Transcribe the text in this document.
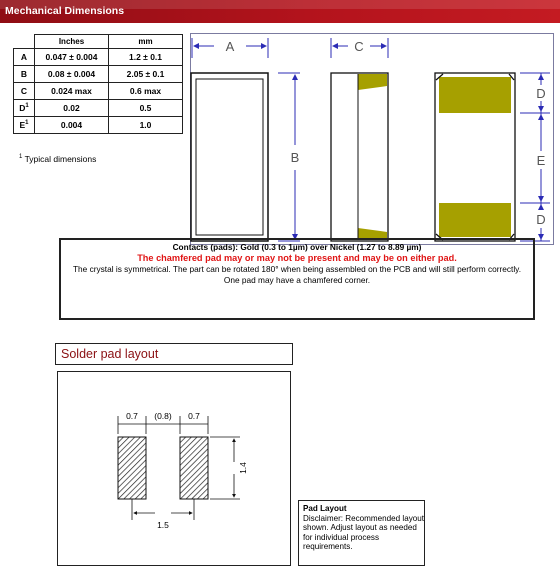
Mechanical Dimensions
	Inches	mm
A	0.047 ± 0.004	1.2 ± 0.1
B	0.08 ± 0.004	2.05 ± 0.1
C	0.024 max	0.6 max
$D^1$	0.02	0.5
$E^1$	0.004	1.0
$^1$ Typical dimensions
A
B
C
D
E
D
Contacts (pads): Gold (0.3 to 1µm) over Nickel (1.27 to 8.89 µm)
The chamfered pad may or may not be present and may be on either pad.
The crystal is symmetrical. The part can be rotated 180° when being assembled on the PCB and will still perform correctly.
One pad may have a chamfered corner.
Solder pad layout
0.7 (0.8) 0.7
1.4
1.5
Pad Layout
Disclaimer: Recommended layout shown. Adjust layout as needed for individual process requirements.
